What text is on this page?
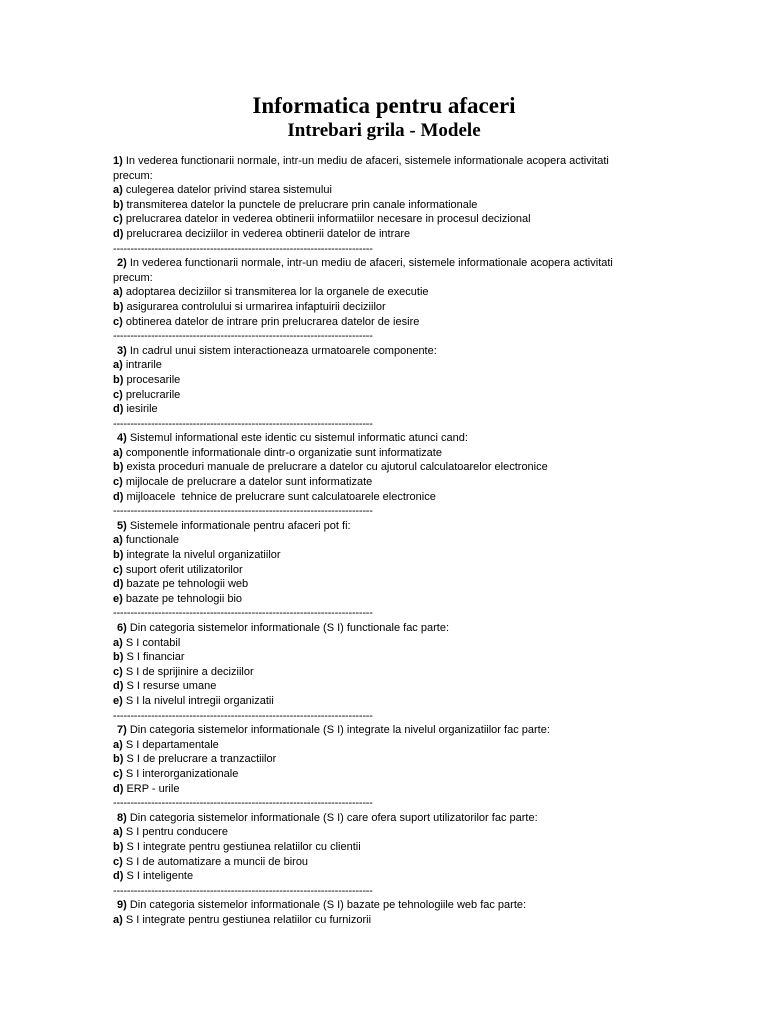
Informatica pentru afaceri
Intrebari grila - Modele
1) In vederea functionarii normale, intr-un mediu de afaceri, sistemele informationale acopera activitati
precum:
a) culegerea datelor privind starea sistemului
b) transmiterea datelor la punctele de prelucrare prin canale informationale
c) prelucrarea datelor in vederea obtinerii informatiilor necesare in procesul decizional
d) prelucrarea deciziilor in vederea obtinerii datelor de intrare
---------------------------------------------------------------------------
2) In vederea functionarii normale, intr-un mediu de afaceri, sistemele informationale acopera activitati
precum:
a) adoptarea deciziilor si transmiterea lor la organele de executie
b) asigurarea controlului si urmarirea infaptuirii deciziilor
c) obtinerea datelor de intrare prin prelucrarea datelor de iesire
---------------------------------------------------------------------------
3) In cadrul unui sistem interactioneaza urmatoarele componente:
a) intrarile
b) procesarile
c) prelucrarile
d) iesirile
---------------------------------------------------------------------------
4) Sistemul informational este identic cu sistemul informatic atunci cand:
a) componentle informationale dintr-o organizatie sunt informatizate
b) exista proceduri manuale de prelucrare a datelor cu ajutorul calculatoarelor electronice
c) mijlocale de prelucrare a datelor sunt informatizate
d) mijloacele  tehnice de prelucrare sunt calculatoarele electronice
---------------------------------------------------------------------------
5) Sistemele informationale pentru afaceri pot fi:
a) functionale
b) integrate la nivelul organizatiilor
c) suport oferit utilizatorilor
d) bazate pe tehnologii web
e) bazate pe tehnologii bio
---------------------------------------------------------------------------
6) Din categoria sistemelor informationale (S I) functionale fac parte:
a) S I contabil
b) S I financiar
c) S I de sprijinire a deciziilor
d) S I resurse umane
e) S I la nivelul intregii organizatii
---------------------------------------------------------------------------
7) Din categoria sistemelor informationale (S I) integrate la nivelul organizatiilor fac parte:
a) S I departamentale
b) S I de prelucrare a tranzactiilor
c) S I interorganizationale
d) ERP - urile
---------------------------------------------------------------------------
8) Din categoria sistemelor informationale (S I) care ofera suport utilizatorilor fac parte:
a) S I pentru conducere
b) S I integrate pentru gestiunea relatiilor cu clientii
c) S I de automatizare a muncii de birou
d) S I inteligente
---------------------------------------------------------------------------
9) Din categoria sistemelor informationale (S I) bazate pe tehnologiile web fac parte:
a) S I integrate pentru gestiunea relatiilor cu furnizorii
